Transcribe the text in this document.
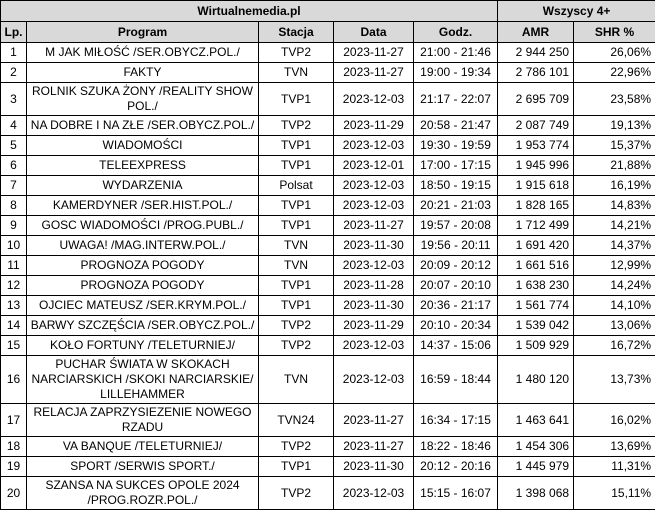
Wirtualnemedia.pl					Wszyscy 4+	
Lp.	Program	Stacja	Data	Godz.	AMR	SHR %
1	M JAK MIŁOŚĆ /SER.OBYCZ.POL./	TVP2	2023-11-27	21:00 - 21:46	2 944 250	26,06%
2	FAKTY	TVN	2023-11-27	19:00 - 19:34	2 786 101	22,96%
3	ROLNIK SZUKA ŻONY /REALITY SHOW POL./	TVP1	2023-12-03	21:17 - 22:07	2 695 709	23,58%
4	NA DOBRE I NA ZŁE /SER.OBYCZ.POL./	TVP2	2023-11-29	20:58 - 21:47	2 087 749	19,13%
5	WIADOMOŚCI	TVP1	2023-12-03	19:30 - 19:59	1 953 774	15,37%
6	TELEEXPRESS	TVP1	2023-12-01	17:00 - 17:15	1 945 996	21,88%
7	WYDARZENIA	Polsat	2023-12-03	18:50 - 19:15	1 915 618	16,19%
8	KAMERDYNER /SER.HIST.POL./	TVP1	2023-12-03	20:21 - 21:03	1 828 165	14,83%
9	GOSC WIADOMOŚCI /PROG.PUBL./	TVP1	2023-11-27	19:57 - 20:08	1 712 499	14,21%
10	UWAGA! /MAG.INTERW.POL./	TVN	2023-11-30	19:56 - 20:11	1 691 420	14,37%
11	PROGNOZA POGODY	TVN	2023-12-03	20:09 - 20:12	1 661 516	12,99%
12	PROGNOZA POGODY	TVP1	2023-11-28	20:07 - 20:10	1 638 230	14,24%
13	OJCIEC MATEUSZ /SER.KRYM.POL./	TVP1	2023-11-30	20:36 - 21:17	1 561 774	14,10%
14	BARWY SZCZĘŚCIA /SER.OBYCZ.POL./	TVP2	2023-11-29	20:10 - 20:34	1 539 042	13,06%
15	KOŁO FORTUNY /TELETURNIEJ/	TVP2	2023-12-03	14:37 - 15:06	1 509 929	16,72%
16	PUCHAR ŚWIATA W SKOKACH NARCIARSKICH /SKOKI NARCIARSKIE/ LILLEHAMMER	TVN	2023-12-03	16:59 - 18:44	1 480 120	13,73%
17	RELACJA ZAPRZYSIEZENIE NOWEGO RZADU	TVN24	2023-11-27	16:34 - 17:15	1 463 641	16,02%
18	VA BANQUE /TELETURNIEJ/	TVP2	2023-11-27	18:22 - 18:46	1 454 306	13,69%
19	SPORT /SERWIS SPORT./	TVP1	2023-11-30	20:12 - 20:16	1 445 979	11,31%
20	SZANSA NA SUKCES OPOLE 2024 /PROG.ROZR.POL./	TVP2	2023-12-03	15:15 - 16:07	1 398 068	15,11%
